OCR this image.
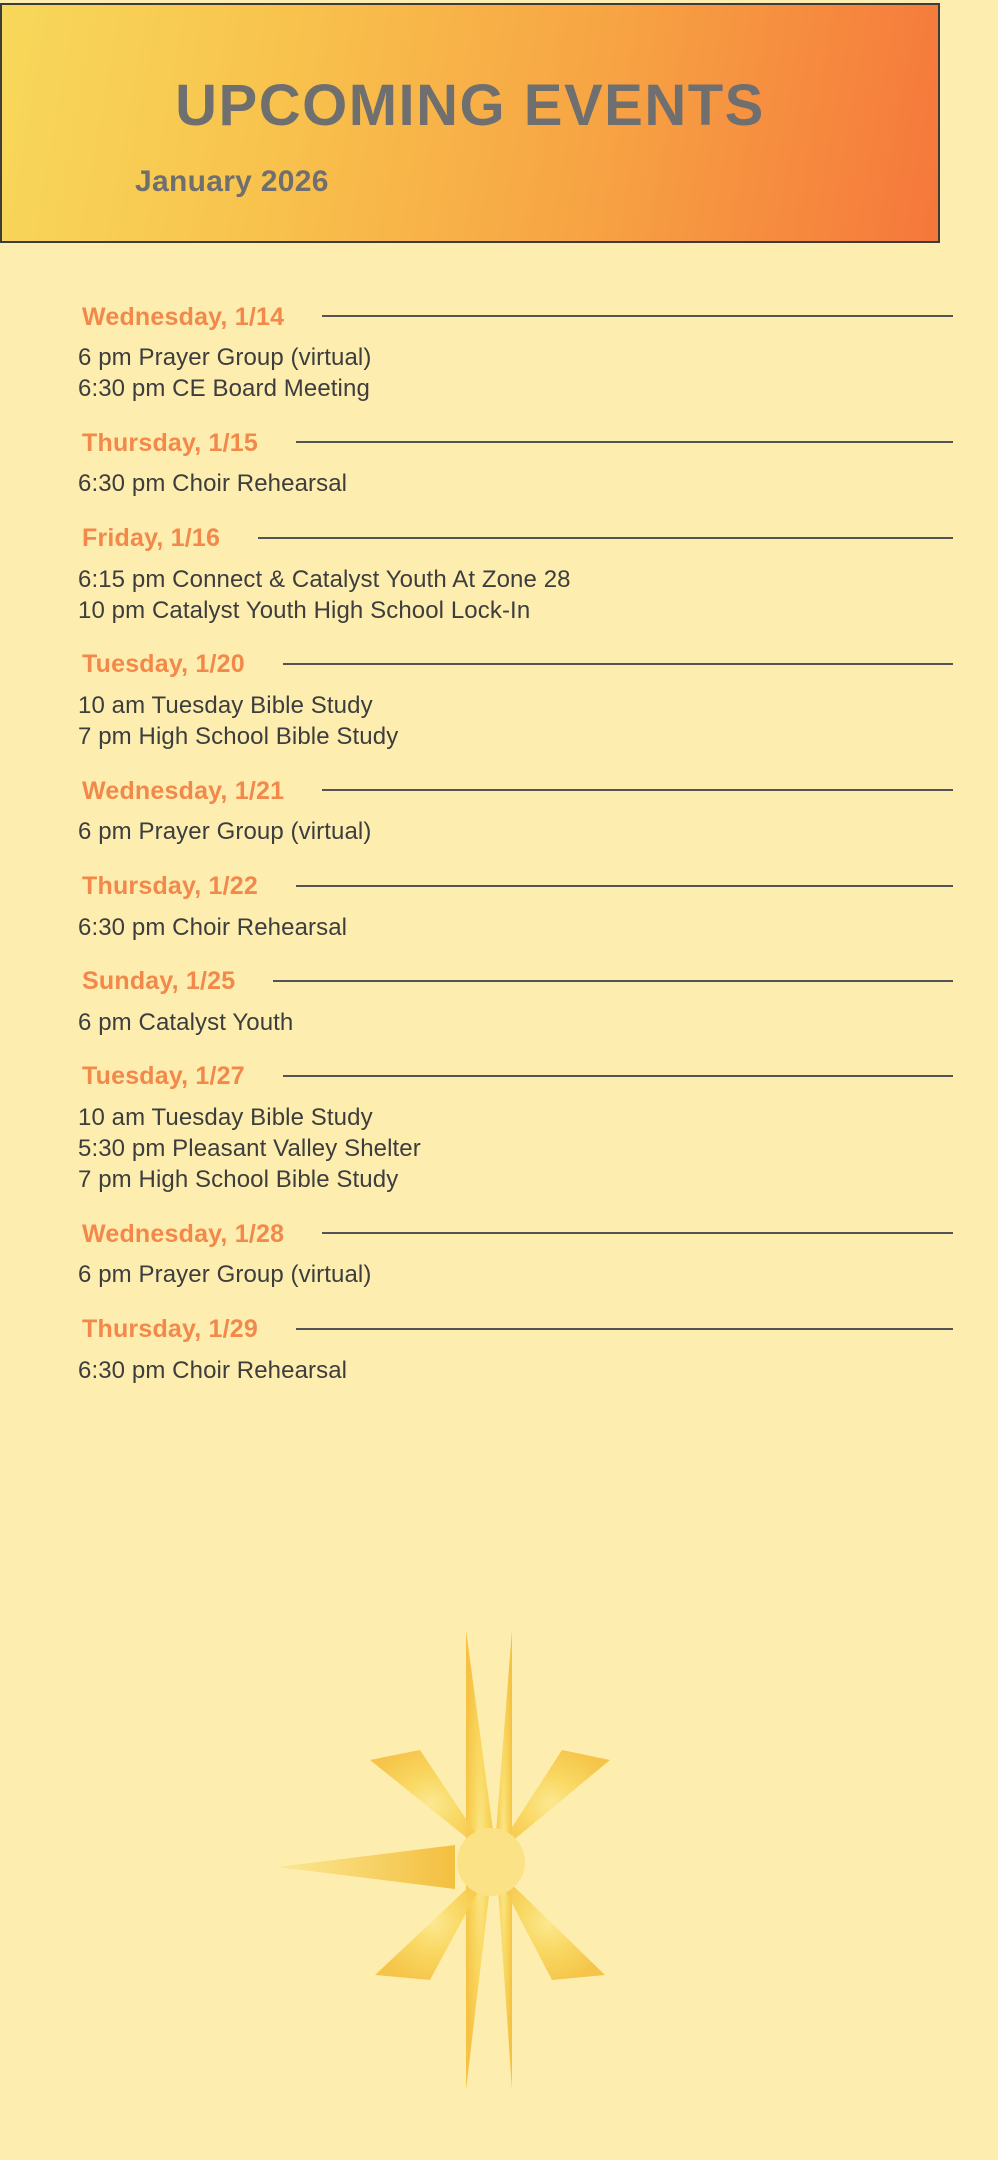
UPCOMING EVENTS
January 2026
Wednesday, 1/14
6 pm Prayer Group (virtual)
6:30 pm CE Board Meeting
Thursday, 1/15
6:30 pm Choir Rehearsal
Friday, 1/16
6:15 pm Connect & Catalyst Youth At Zone 28
10 pm Catalyst Youth High School Lock-In
Tuesday, 1/20
10 am Tuesday Bible Study
7 pm High School Bible Study
Wednesday, 1/21
6 pm Prayer Group (virtual)
Thursday, 1/22
6:30 pm Choir Rehearsal
Sunday, 1/25
6 pm Catalyst Youth
Tuesday, 1/27
10 am Tuesday Bible Study
5:30 pm Pleasant Valley Shelter
7 pm High School Bible Study
Wednesday, 1/28
6 pm Prayer Group (virtual)
Thursday, 1/29
6:30 pm Choir Rehearsal
